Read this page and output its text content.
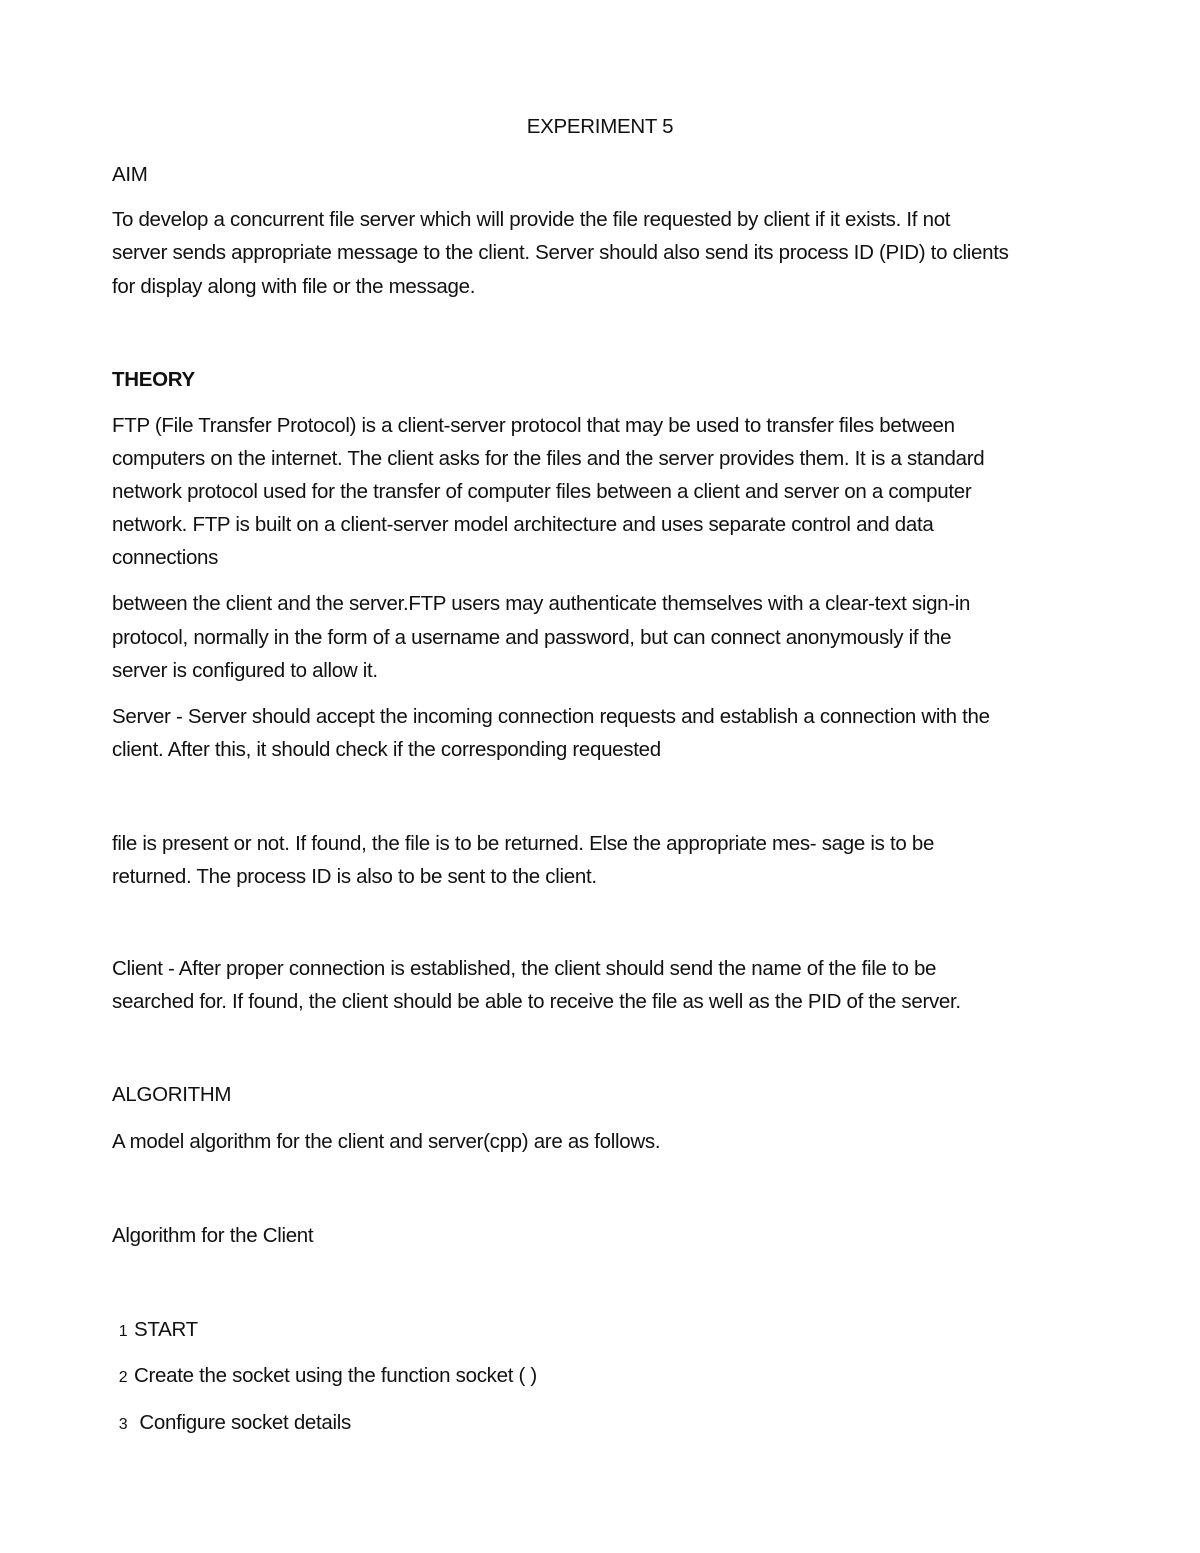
EXPERIMENT 5
AIM
To develop a concurrent file server which will provide the file requested by client if it exists. If not
server sends appropriate message to the client. Server should also send its process ID (PID) to clients
for display along with file or the message.
THEORY
FTP (File Transfer Protocol) is a client-server protocol that may be used to transfer files between
computers on the internet. The client asks for the files and the server provides them. It is a standard
network protocol used for the transfer of computer files between a client and server on a computer
network. FTP is built on a client-server model architecture and uses separate control and data
connections
between the client and the server.FTP users may authenticate themselves with a clear-text sign-in
protocol, normally in the form of a username and password, but can connect anonymously if the
server is configured to allow it.
Server - Server should accept the incoming connection requests and establish a connection with the
client. After this, it should check if the corresponding requested
file is present or not. If found, the file is to be returned. Else the appropriate mes- sage is to be
returned. The process ID is also to be sent to the client.
Client - After proper connection is established, the client should send the name of the file to be
searched for. If found, the client should be able to receive the file as well as the PID of the server.
ALGORITHM
A model algorithm for the client and server(cpp) are as follows.
Algorithm for the Client
1 START
2 Create the socket using the function socket ( )
3 Configure socket details
